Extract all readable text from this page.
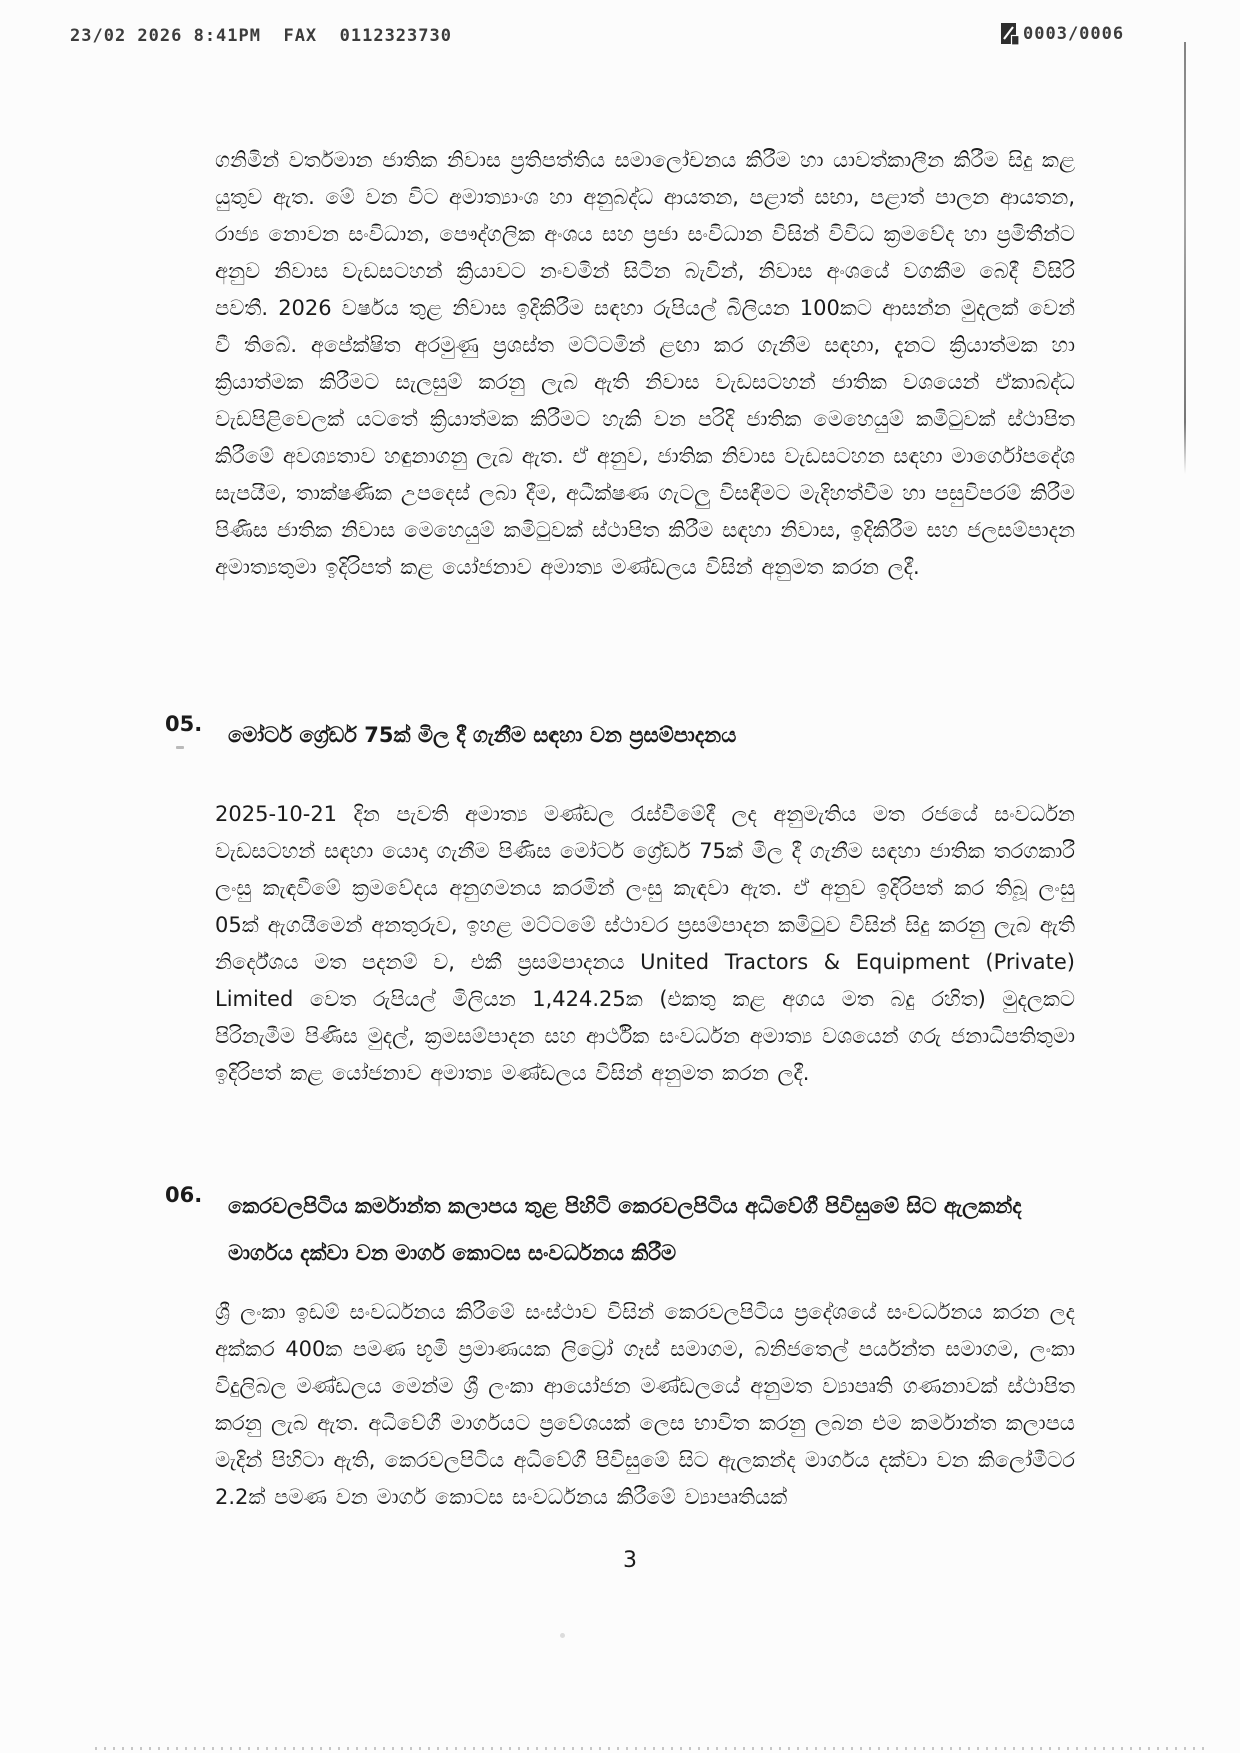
23/02 2026 8:41PM  FAX  0112323730	0003/0006

ගනිමින් වර්තමාන ජාතික නිවාස ප්‍රතිපත්තිය සමාලෝචනය කිරීම හා යාවත්කාලීන කිරීම සිදු කළ යුතුව ඇත. මේ වන විට අමාත්‍යාංශ හා අනුබද්ධ ආයතන, පළාත් සභා, පළාත් පාලන ආයතන, රාජ්‍ය නොවන සංවිධාන, පෞද්ගලික අංශය සහ ප්‍රජා සංවිධාන විසින් විවිධ ක්‍රමවේද හා ප්‍රමිතීන්ට අනුව නිවාස වැඩසටහන් ක්‍රියාවට නංවමින් සිටින බැවින්, නිවාස අංශයේ වගකීම බෙදී විසිරි පවතී. 2026 වර්ෂය තුළ නිවාස ඉදිකිරීම සඳහා රුපියල් බිලියන 100කට ආසන්න මුදලක් වෙන් වී තිබේ. අපේක්ෂිත අරමුණු ප්‍රශස්ත මට්ටමින් ළඟා කර ගැනීම සඳහා, දැනට ක්‍රියාත්මක හා ක්‍රියාත්මක කිරීමට සැලසුම් කරනු ලැබ ඇති නිවාස වැඩසටහන් ජාතික වශයෙන් ඒකාබද්ධ වැඩපිළිවෙලක් යටතේ ක්‍රියාත්මක කිරීමට හැකි වන පරිදි ජාතික මෙහෙයුම් කමිටුවක් ස්ථාපිත කිරීමේ අවශ්‍යතාව හඳුනාගනු ලැබ ඇත. ඒ අනුව, ජාතික නිවාස වැඩසටහන සඳහා මාර්ගෝපදේශ සැපයීම, තාක්ෂණික උපදෙස් ලබා දීම, අධීක්ෂණ ගැටලු විසඳීමට මැදිහත්වීම හා පසුවිපරම් කිරීම පිණිස ජාතික නිවාස මෙහෙයුම් කමිටුවක් ස්ථාපිත කිරීම සඳහා නිවාස, ඉදිකිරීම සහ ජලසම්පාදන අමාත්‍යතුමා ඉදිරිපත් කළ යෝජනාව අමාත්‍ය මණ්ඩලය විසින් අනුමත කරන ලදී.

05. මෝටර් ග්‍රේඩර් 75ක් මිල දී ගැනීම සඳහා වන ප්‍රසම්පාදනය

2025-10-21 දින පැවති අමාත්‍ය මණ්ඩල රැස්වීමේදී ලද අනුමැතිය මත රජයේ සංවර්ධන වැඩසටහන් සඳහා යොදා ගැනීම පිණිස මෝටර් ග්‍රේඩර් 75ක් මිල දී ගැනීම සඳහා ජාතික තරගකාරී ලංසු කැඳවීමේ ක්‍රමවේදය අනුගමනය කරමින් ලංසු කැඳවා ඇත. ඒ අනුව ඉදිරිපත් කර තිබූ ලංසු 05ක් ඇගයීමෙන් අනතුරුව, ඉහළ මට්ටමේ ස්ථාවර ප්‍රසම්පාදන කමිටුව විසින් සිදු කරනු ලැබ ඇති නිර්දේශය මත පදනම් ව, එකී ප්‍රසම්පාදනය United Tractors & Equipment (Private) Limited වෙත රුපියල් මිලියන 1,424.25ක (එකතු කළ අගය මත බදු රහිත) මුදලකට පිරිනැමීම පිණිස මුදල්, ක්‍රමසම්පාදන සහ ආර්ථික සංවර්ධන අමාත්‍ය වශයෙන් ගරු ජනාධිපතිතුමා ඉදිරිපත් කළ යෝජනාව අමාත්‍ය මණ්ඩලය විසින් අනුමත කරන ලදී.

06. කෙරවලපිටිය කර්මාන්ත කලාපය තුළ පිහිටි කෙරවලපිටිය අධිවේගී පිවිසුමේ සිට ඇලකන්ද මාර්ගය දක්වා වන මාර්ග කොටස සංවර්ධනය කිරීම

ශ්‍රී ලංකා ඉඩම් සංවර්ධනය කිරීමේ සංස්ථාව විසින් කෙරවලපිටිය ප්‍රදේශයේ සංවර්ධනය කරන ලද අක්කර 400ක පමණ භූමි ප්‍රමාණයක ලිට්‍රෝ ගෑස් සමාගම, බනිජතෙල් පර්යන්ත සමාගම, ලංකා විදුලිබල මණ්ඩලය මෙන්ම ශ්‍රී ලංකා ආයෝජන මණ්ඩලයේ අනුමත ව්‍යාපෘති ගණනාවක් ස්ථාපිත කරනු ලැබ ඇත. අධිවේගී මාර්ගයට ප්‍රවේශයක් ලෙස භාවිත කරනු ලබන එම කර්මාන්ත කලාපය මැදින් පිහිටා ඇති, කෙරවලපිටිය අධිවේගී පිවිසුමේ සිට ඇලකන්ද මාර්ගය දක්වා වන කිලෝමීටර 2.2ක් පමණ වන මාර්ග කොටස සංවර්ධනය කිරීමේ ව්‍යාපෘතියක්

3
